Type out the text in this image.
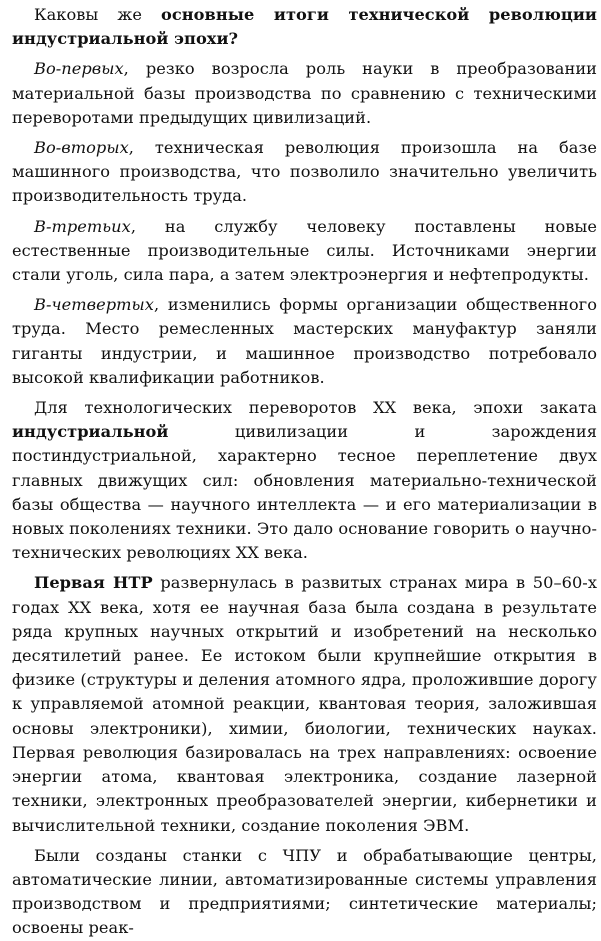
Каковы же основные итоги технической революции индустриальной эпохи?

Во-первых, резко возросла роль науки в преобразовании материальной базы производства по сравнению с техническими переворотами предыдущих цивилизаций.

Во-вторых, техническая революция произошла на базе машинного производства, что позволило значительно увеличить производительность труда.

В-третьих, на службу человеку поставлены новые естественные производительные силы. Источниками энергии стали уголь, сила пара, а затем электроэнергия и нефтепродукты.

В-четвертых, изменились формы организации общественного труда. Место ремесленных мастерских мануфактур заняли гиганты индустрии, и машинное производство потребовало высокой квалификации работников.

Для технологических переворотов XX века, эпохи заката индустриальной цивилизации и зарождения постиндустриальной, характерно тесное переплетение двух главных движущих сил: обновления материально-технической базы общества — научного интеллекта — и его материализации в новых поколениях техники. Это дало основание говорить о научно-технических революциях XX века.

Первая НТР развернулась в развитых странах мира в 50–60-х годах XX века, хотя ее научная база была создана в результате ряда крупных научных открытий и изобретений на несколько десятилетий ранее. Ее истоком были крупнейшие открытия в физике (структуры и деления атомного ядра, проложившие дорогу к управляемой атомной реакции, квантовая теория, заложившая основы электроники), химии, биологии, технических науках. Первая революция базировалась на трех направлениях: освоение энергии атома, квантовая электроника, создание лазерной техники, электронных преобразователей энергии, кибернетики и вычислительной техники, создание поколения ЭВМ.

Были созданы станки с ЧПУ и обрабатывающие центры, автоматические линии, автоматизированные системы управления производством и предприятиями; синтетические материалы; освоены реак-
